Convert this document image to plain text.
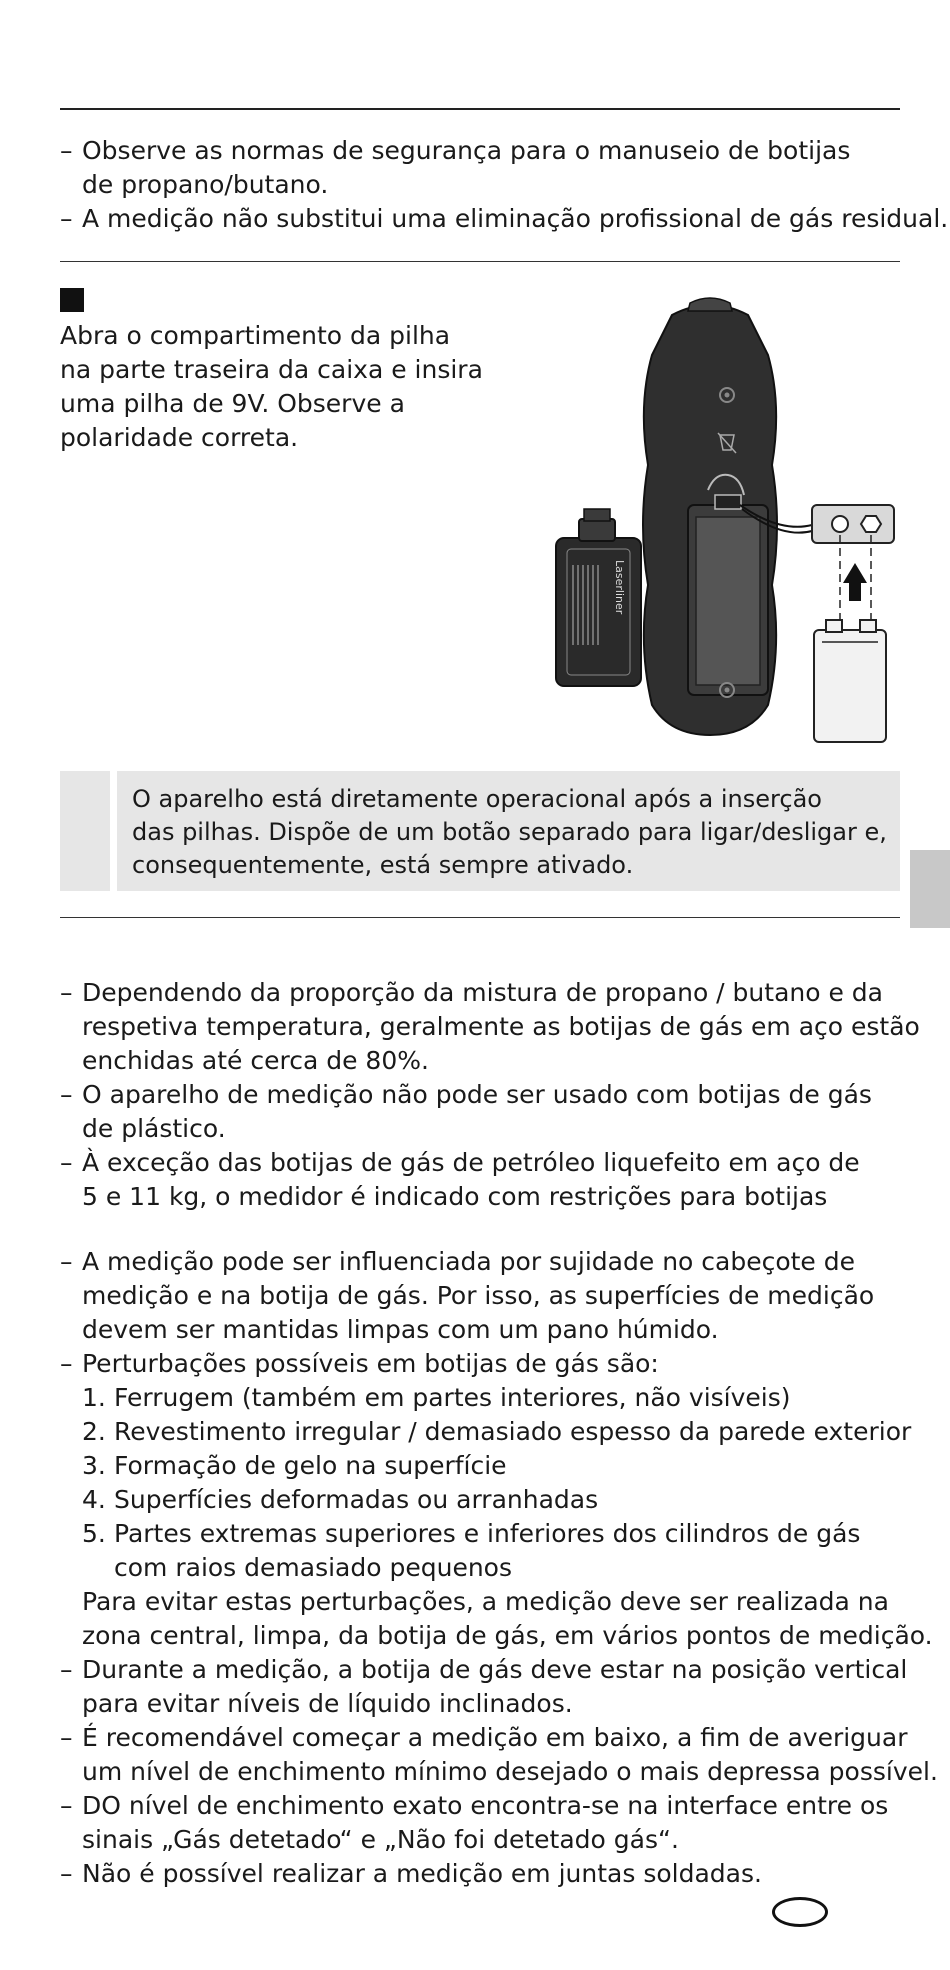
– Observe as normas de segurança para o manuseio de botijas
de propano/butano.

– A medição não substitui uma eliminação profissional de gás residual.

Abra o compartimento da pilha
na parte traseira da caixa e insira
uma pilha de 9V. Observe a
polaridade correta.
Laserliner
O aparelho está diretamente operacional após a inserção
das pilhas. Dispõe de um botão separado para ligar/desligar e,
consequentemente, está sempre ativado.

– Dependendo da proporção da mistura de propano / butano e da
respetiva temperatura, geralmente as botijas de gás em aço estão
enchidas até cerca de 80%.

– O aparelho de medição não pode ser usado com botijas de gás
de plástico.

– À exceção das botijas de gás de petróleo liquefeito em aço de
5 e 11 kg, o medidor é indicado com restrições para botijas

– A medição pode ser influenciada por sujidade no cabeçote de
medição e na botija de gás. Por isso, as superfícies de medição
devem ser mantidas limpas com um pano húmido.

– Perturbações possíveis em botijas de gás são:

1. Ferrugem (também em partes interiores, não visíveis)

2. Revestimento irregular / demasiado espesso da parede exterior

3. Formação de gelo na superfície

4. Superfícies deformadas ou arranhadas

5. Partes extremas superiores e inferiores dos cilindros de gás
com raios demasiado pequenos

Para evitar estas perturbações, a medição deve ser realizada na
zona central, limpa, da botija de gás, em vários pontos de medição.

– Durante a medição, a botija de gás deve estar na posição vertical
para evitar níveis de líquido inclinados.

– É recomendável começar a medição em baixo, a fim de averiguar
um nível de enchimento mínimo desejado o mais depressa possível.

– DO nível de enchimento exato encontra-se na interface entre os
sinais „Gás detetado“ e „Não foi detetado gás“.

– Não é possível realizar a medição em juntas soldadas.
